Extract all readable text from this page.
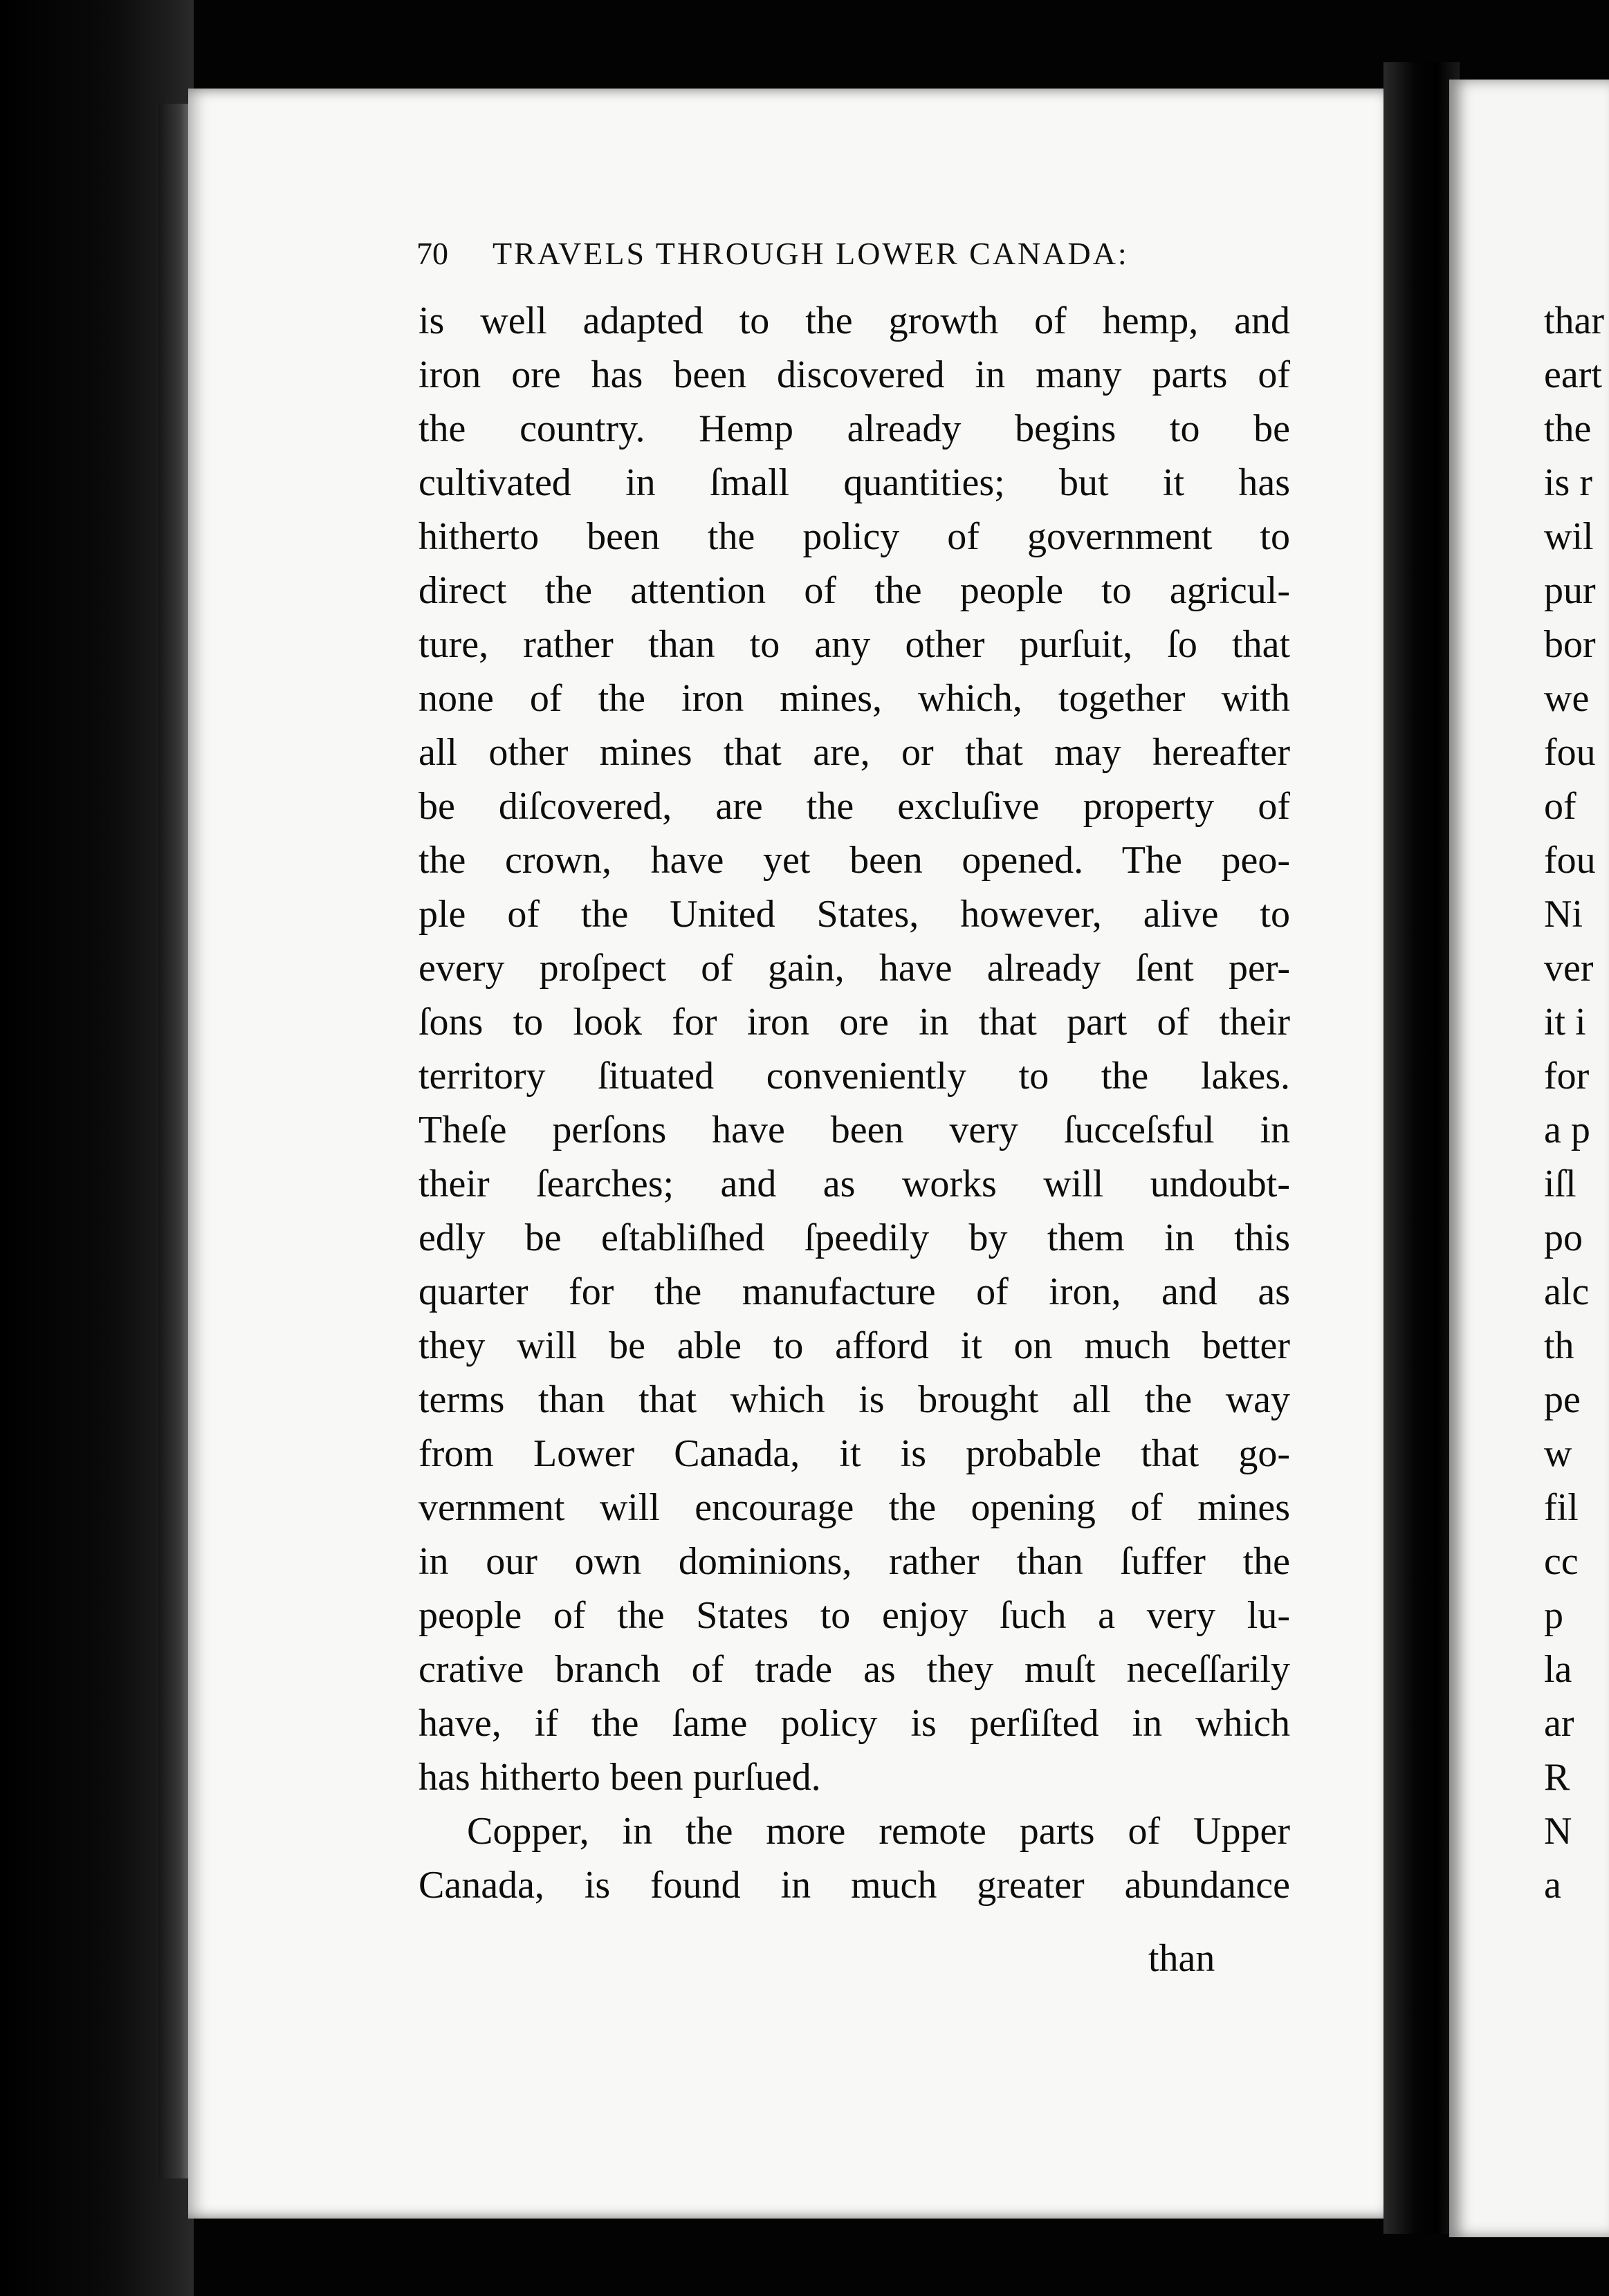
70 TRAVELS THROUGH LOWER CANADA:
is well adapted to the growth of hemp, and
iron ore has been discovered in many parts of
the country. Hemp already begins to be
cultivated in ſmall quantities; but it has
hitherto been the policy of government to
direct the attention of the people to agricul-
ture, rather than to any other purſuit, ſo that
none of the iron mines, which, together with
all other mines that are, or that may hereafter
be diſcovered, are the excluſive property of
the crown, have yet been opened. The peo-
ple of the United States, however, alive to
every proſpect of gain, have already ſent per-
ſons to look for iron ore in that part of their
territory ſituated conveniently to the lakes.
Theſe perſons have been very ſucceſsful in
their ſearches; and as works will undoubt-
edly be eſtabliſhed ſpeedily by them in this
quarter for the manufacture of iron, and as
they will be able to afford it on much better
terms than that which is brought all the way
from Lower Canada, it is probable that go-
vernment will encourage the opening of mines
in our own dominions, rather than ſuffer the
people of the States to enjoy ſuch a very lu-
crative branch of trade as they muſt neceſſarily
have, if the ſame policy is perſiſted in which
has hitherto been purſued.
Copper, in the more remote parts of Upper
Canada, is found in much greater abundance
than
thar
eart
the
is r
wil
pur
bor
we
fou
of
fou
Ni
ver
it i
for
a p
iſl
po
alc
th
pe
w
fil
cc
p
la
ar
R
N
a
